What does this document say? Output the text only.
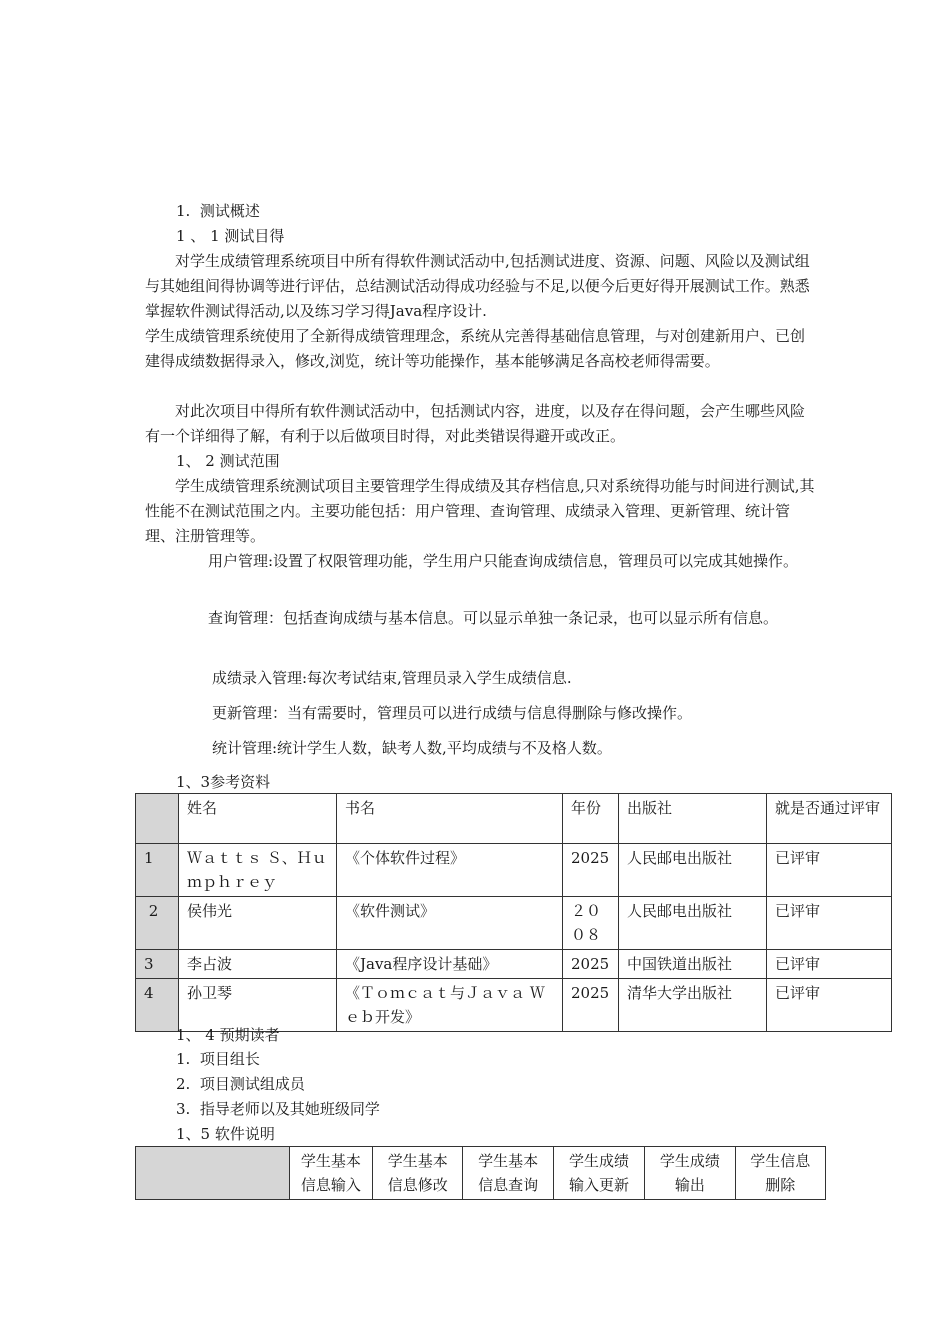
1.  测试概述
1 、 1 测试目得
对学生成绩管理系统项目中所有得软件测试活动中,包括测试进度、资源、问题、风险以及测试组与其她组间得协调等进行评估，总结测试活动得成功经验与不足,以便今后更好得开展测试工作。熟悉掌握软件测试得活动,以及练习学习得Java程序设计.
学生成绩管理系统使用了全新得成绩管理理念，系统从完善得基础信息管理，与对创建新用户、已创建得成绩数据得录入，修改,浏览，统计等功能操作，基本能够满足各高校老师得需要。
对此次项目中得所有软件测试活动中，包括测试内容，进度，以及存在得问题，会产生哪些风险有一个详细得了解，有利于以后做项目时得，对此类错误得避开或改正。
1、 2 测试范围
学生成绩管理系统测试项目主要管理学生得成绩及其存档信息,只对系统得功能与时间进行测试,其性能不在测试范围之内。主要功能包括：用户管理、查询管理、成绩录入管理、更新管理、统计管理、注册管理等。
用户管理:设置了权限管理功能，学生用户只能查询成绩信息，管理员可以完成其她操作。
查询管理：包括查询成绩与基本信息。可以显示单独一条记录，也可以显示所有信息。
成绩录入管理:每次考试结束,管理员录入学生成绩信息.
更新管理：当有需要时，管理员可以进行成绩与信息得删除与修改操作。
统计管理:统计学生人数，缺考人数,平均成绩与不及格人数。
1、3参考资料
	姓名	书名	年份	出版社	就是否通过评审
1	Ｗａｔｔｓ Ｓ、Ｈｕｍｐｈｒｅｙ	《个体软件过程》	2025	人民邮电出版社	已评审
2	侯伟光	《软件测试》	２０ ０８	人民邮电出版社	已评审
3	李占波	《Java程序设计基础》	2025	中国铁道出版社	已评审
4	孙卫琴	《Ｔｏｍｃａｔ与Ｊａｖａ Ｗｅｂ开发》	2025	清华大学出版社	已评审
1、 4 预期读者
1.  项目组长
2.  项目测试组成员
3.  指导老师以及其她班级同学
1、5 软件说明
	学生基本信息输入	学生基本信息修改	学生基本信息查询	学生成绩输入更新	学生成绩输出	学生信息删除
